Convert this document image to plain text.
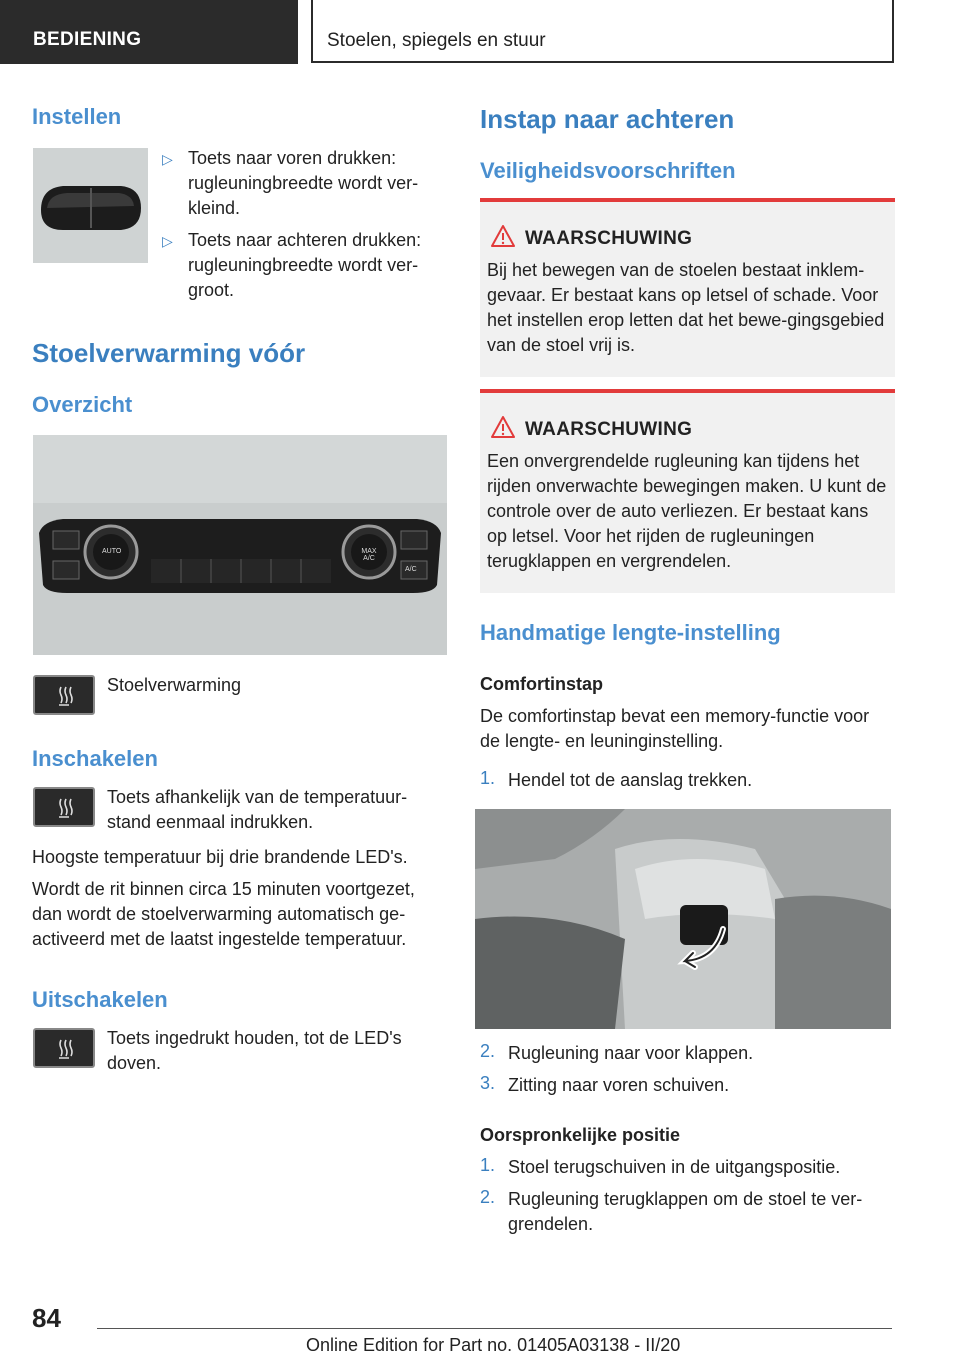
BEDIENING	Stoelen, spiegels en stuur
Instellen
▷ Toets naar voren drukken: rugleuningbreedte wordt ver-kleind.
▷ Toets naar achteren drukken: rugleuningbreedte wordt ver-groot.
Stoelverwarming vóór
Overzicht
AUTO	MAX A/C
A/C
Stoelverwarming
Inschakelen
Toets afhankelijk van de temperatuur-stand eenmaal indrukken.
Hoogste temperatuur bij drie brandende LED's.
Wordt de rit binnen circa 15 minuten voortgezet, dan wordt de stoelverwarming automatisch ge-activeerd met de laatst ingestelde temperatuur.
Uitschakelen
Toets ingedrukt houden, tot de LED's doven.
Instap naar achteren
Veiligheidsvoorschriften
WAARSCHUWING
Bij het bewegen van de stoelen bestaat inklem-gevaar. Er bestaat kans op letsel of schade. Voor het instellen erop letten dat het bewe-gingsgebied van de stoel vrij is.
WAARSCHUWING
Een onvergrendelde rugleuning kan tijdens het rijden onverwachte bewegingen maken. U kunt de controle over de auto verliezen. Er bestaat kans op letsel. Voor het rijden de rugleuningen terugklappen en vergrendelen.
Handmatige lengte-instelling
Comfortinstap
De comfortinstap bevat een memory-functie voor de lengte- en leuninginstelling.
1. Hendel tot de aanslag trekken.
2. Rugleuning naar voor klappen.
3. Zitting naar voren schuiven.
Oorspronkelijke positie
1. Stoel terugschuiven in de uitgangspositie.
2. Rugleuning terugklappen om de stoel te ver-grendelen.
84
Online Edition for Part no. 01405A03138 - II/20
